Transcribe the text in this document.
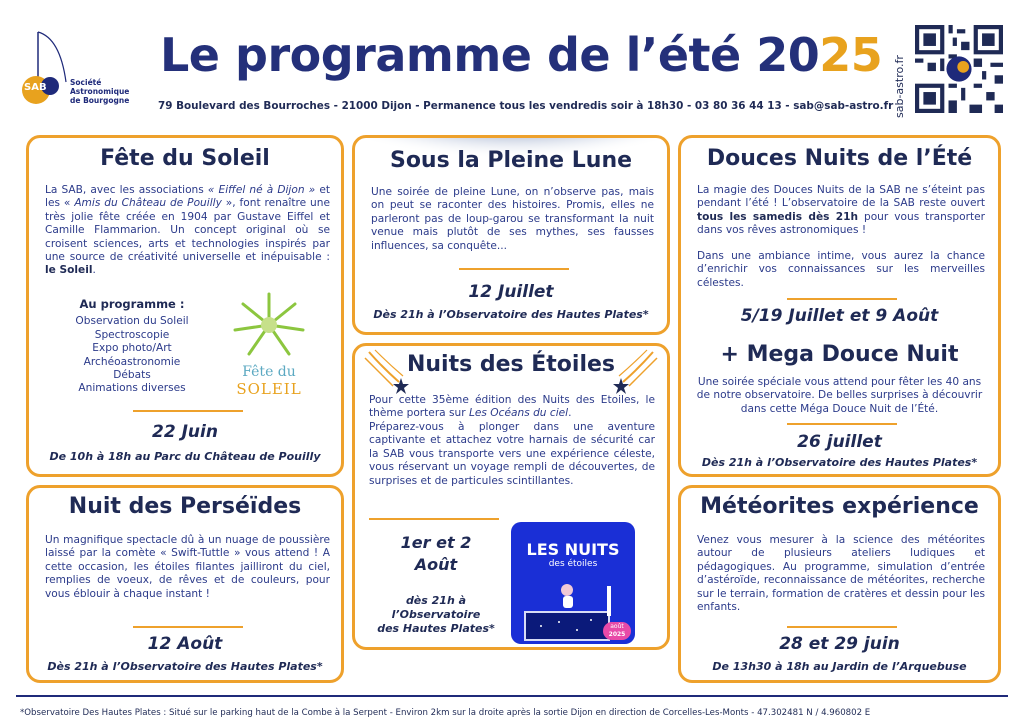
Société
Astronomique
de Bourgogne
SAB
Le programme de l’été 2025
79 Boulevard des Bourroches - 21000 Dijon - Permanence tous les vendredis soir à 18h30 - 03 80 36 44 13 - sab@sab-astro.fr sab-astro.fr
Fête du Soleil

La SAB, avec les associations « Eiffel né à Dijon » et les « Amis du Château de Pouilly », font renaître une très jolie fête créée en 1904 par Gustave Eiffel et Camille Flammarion. Un concept original où se croisent sciences, arts et technologies inspirés par une source de créativité universelle et inépuisable : le Soleil.

Au programme :
Observation du Soleil
Spectroscopie
Expo photo/Art
Archéoastronomie
Débats
Animations diverses
Fête du
SOLEIL
22 Juin
De 10h à 18h au Parc du Château de Pouilly
Sous la Pleine Lune

Une soirée de pleine Lune, on n’observe pas, mais on peut se raconter des histoires. Promis, elles ne parleront pas de loup-garou se transformant la nuit venue mais plutôt de ses mythes, ses fausses influences, sa conquête...

12 Juillet
Dès 21h à l’Observatoire des Hautes Plates*
Douces Nuits de l’Été

La magie des Douces Nuits de la SAB ne s’éteint pas pendant l’été ! L’observatoire de la SAB reste ouvert tous les samedis dès 21h pour vous transporter dans vos rêves astronomiques !

Dans une ambiance intime, vous aurez la chance d’enrichir vos connaissances sur les merveilles célestes.

5/19 Juillet et 9 Août
+ Mega Douce Nuit

Une soirée spéciale vous attend pour fêter les 40 ans de notre observatoire. De belles surprises à découvrir dans cette Méga Douce Nuit de l’Été.

26 juillet
Dès 21h à l’Observatoire des Hautes Plates*
Nuits des Étoiles

Pour cette 35ème édition des Nuits des Etoiles, le thème portera sur Les Océans du ciel.

Préparez-vous à plonger dans une aventure captivante et attachez votre harnais de sécurité car la SAB vous transporte vers une expérience céleste, vous réservant un voyage rempli de découvertes, de surprises et de particules scintillantes.

1er et 2
Août
dès 21h à
l’Observatoire
des Hautes Plates*
LES NUITS
des étoiles
août
2025
Nuit des Perséïdes

Un magnifique spectacle dû à un nuage de poussière laissé par la comète « Swift-Tuttle » vous attend ! A cette occasion, les étoiles filantes jailliront du ciel, remplies de voeux, de rêves et de couleurs, pour vous éblouir à chaque instant !

12 Août
Dès 21h à l’Observatoire des Hautes Plates*
Météorites expérience

Venez vous mesurer à la science des météorites autour de plusieurs ateliers ludiques et pédagogiques. Au programme, simulation d’entrée d’astéroïde, reconnaissance de météorites, recherche sur le terrain, formation de cratères et dessin pour les enfants.

28 et 29 juin
De 13h30 à 18h au Jardin de l’Arquebuse
*Observatoire Des Hautes Plates : Situé sur le parking haut de la Combe à la Serpent - Environ 2km sur la droite après la sortie Dijon en direction de Corcelles-Les-Monts - 47.302481 N / 4.960802 E
